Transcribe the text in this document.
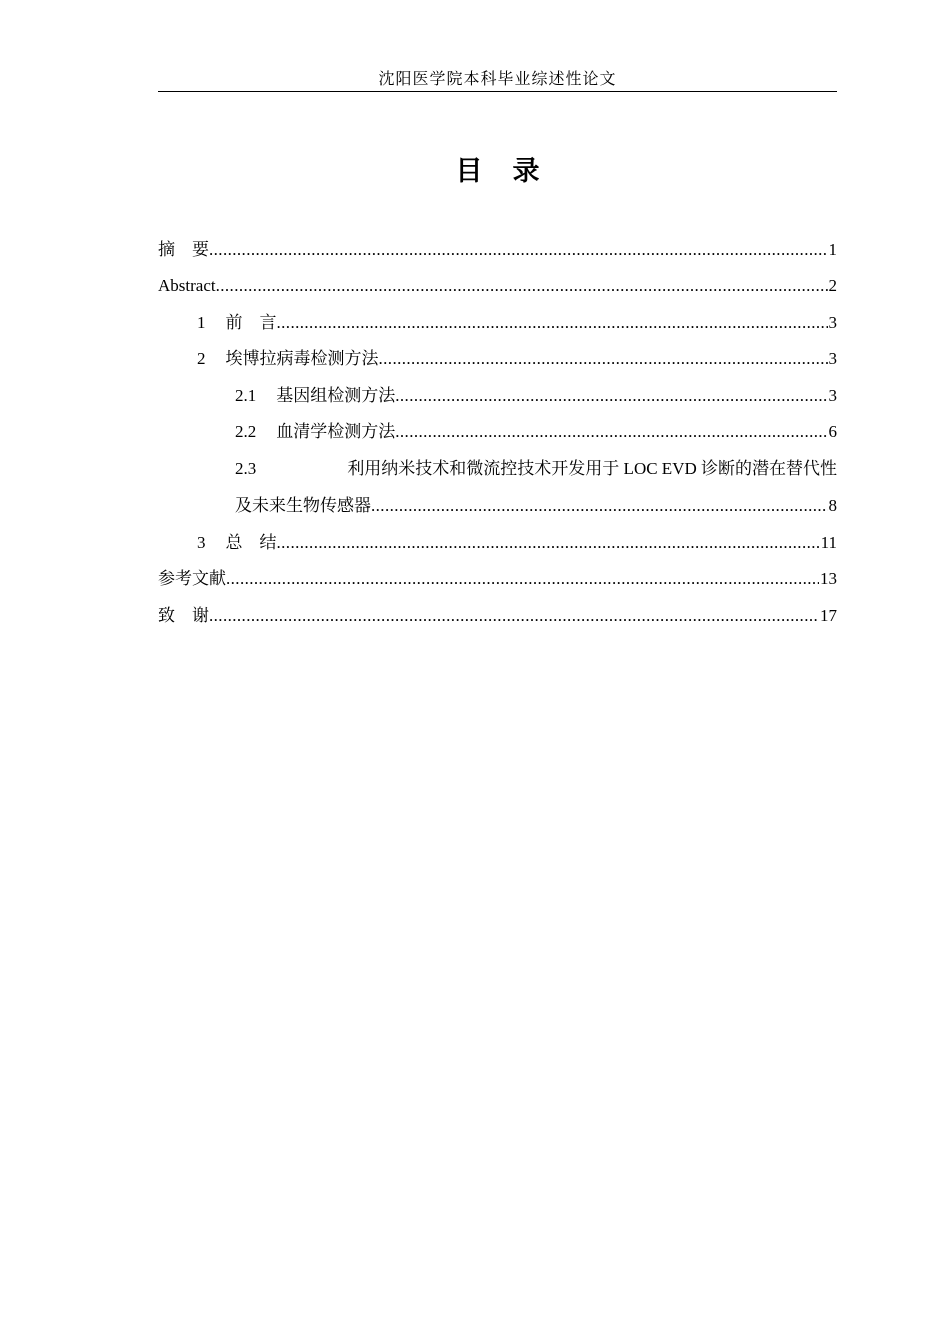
沈阳医学院本科毕业综述性论文
目 录
摘　要 .....	1
Abstract .....	2
1 前　言 .....	3
2 埃博拉病毒检测方法 .....	3
2.1 基因组检测方法 .....	3
2.2 血清学检测方法 .....	6
2.3	利用纳米技术和微流控技术开发用于 LOC EVD 诊断的潜在替代性
及未来生物传感器 .....	8
3 总　结 .....	11
参考文献 .....	13
致　谢 .....	17
